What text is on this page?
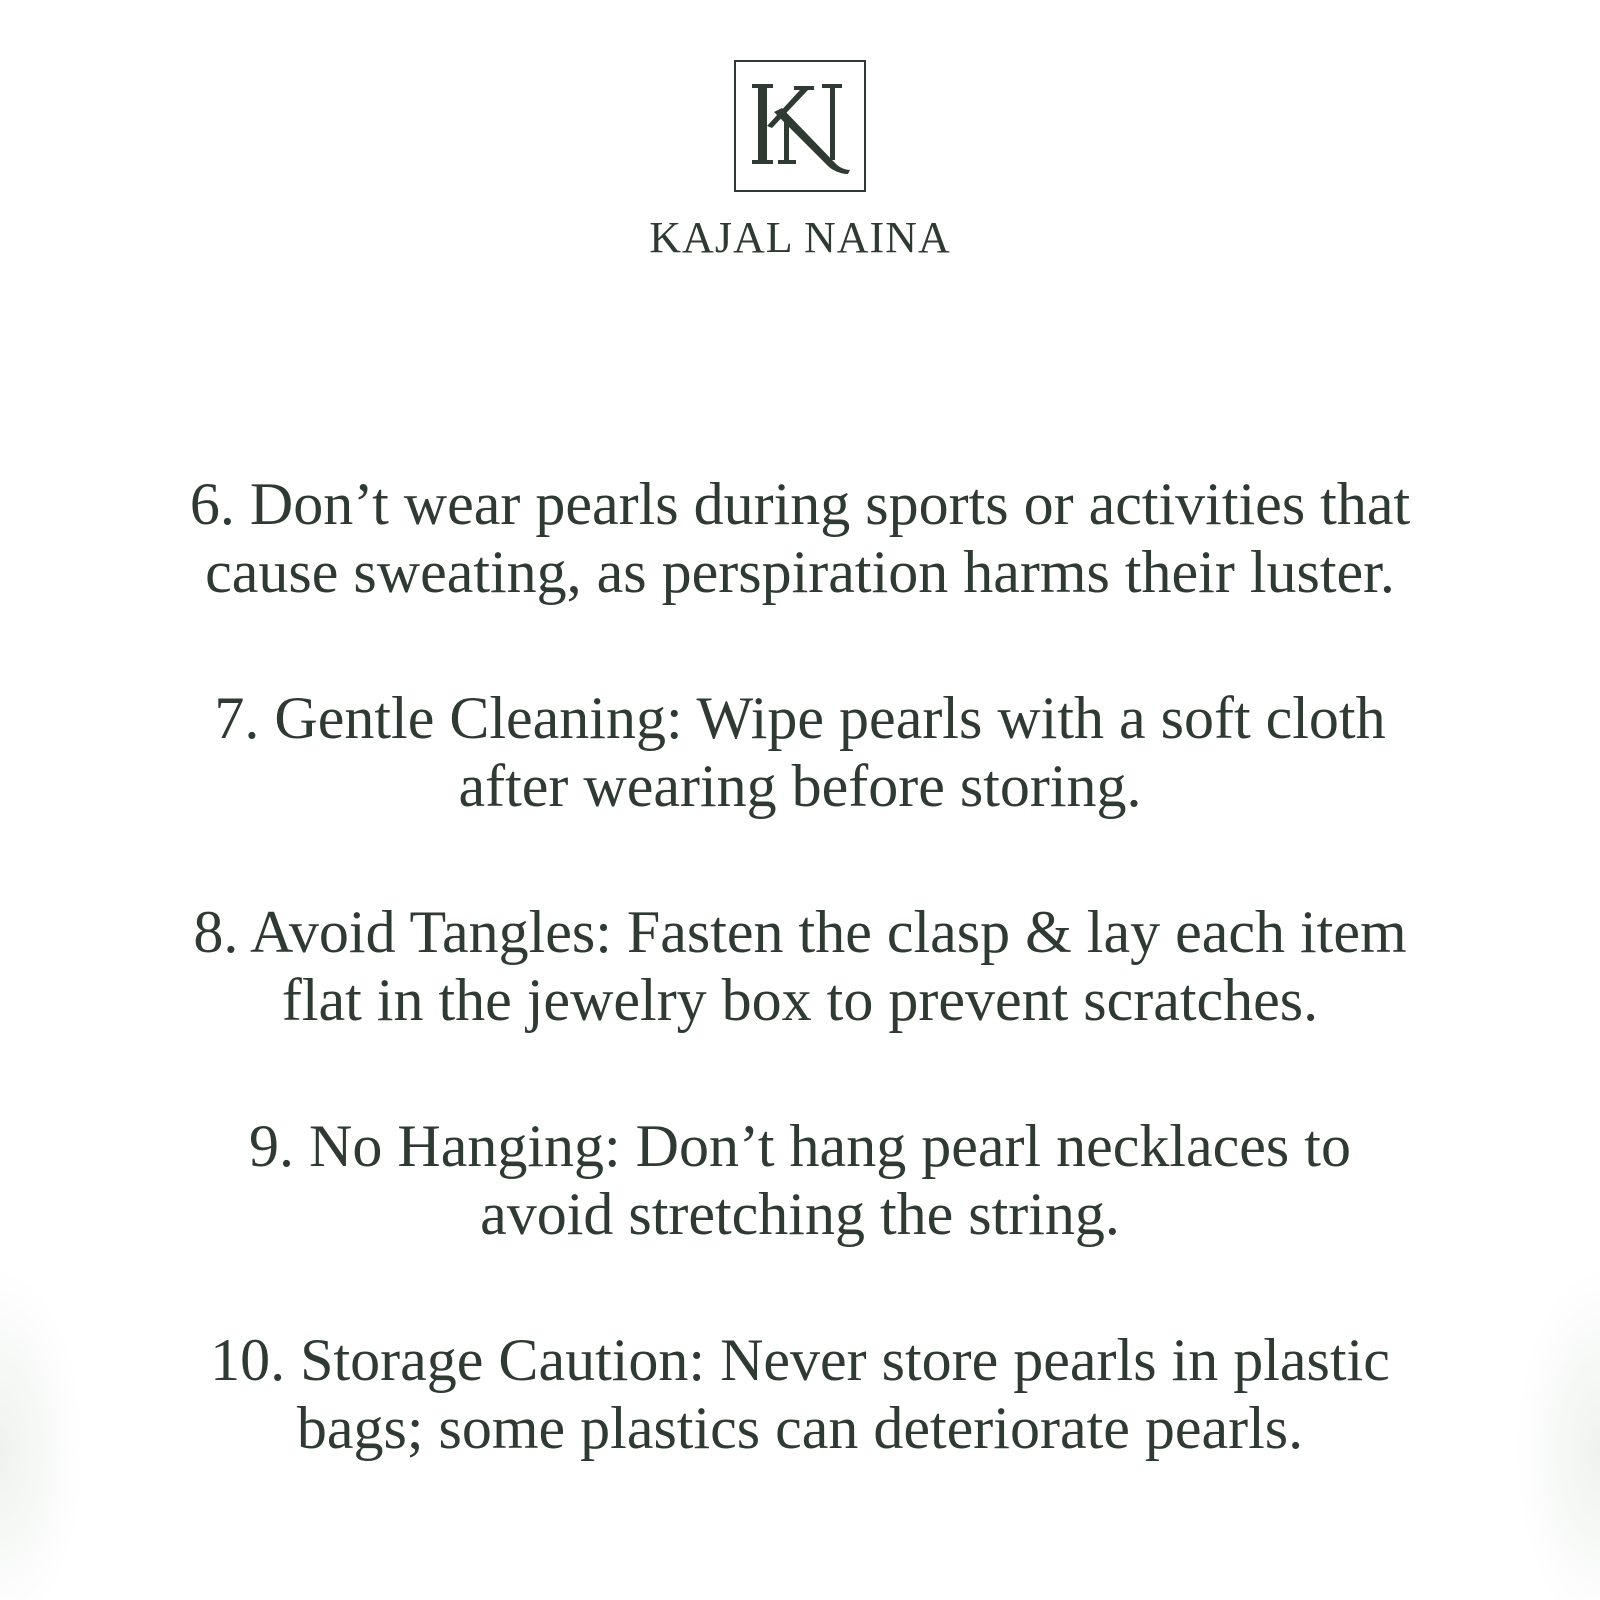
KAJAL NAINA
6. Don’t wear pearls during sports or activities that
cause sweating, as perspiration harms their luster.
7. Gentle Cleaning: Wipe pearls with a soft cloth
after wearing before storing.
8. Avoid Tangles: Fasten the clasp & lay each item
flat in the jewelry box to prevent scratches.
9. No Hanging: Don’t hang pearl necklaces to
avoid stretching the string.
10. Storage Caution: Never store pearls in plastic
bags; some plastics can deteriorate pearls.
